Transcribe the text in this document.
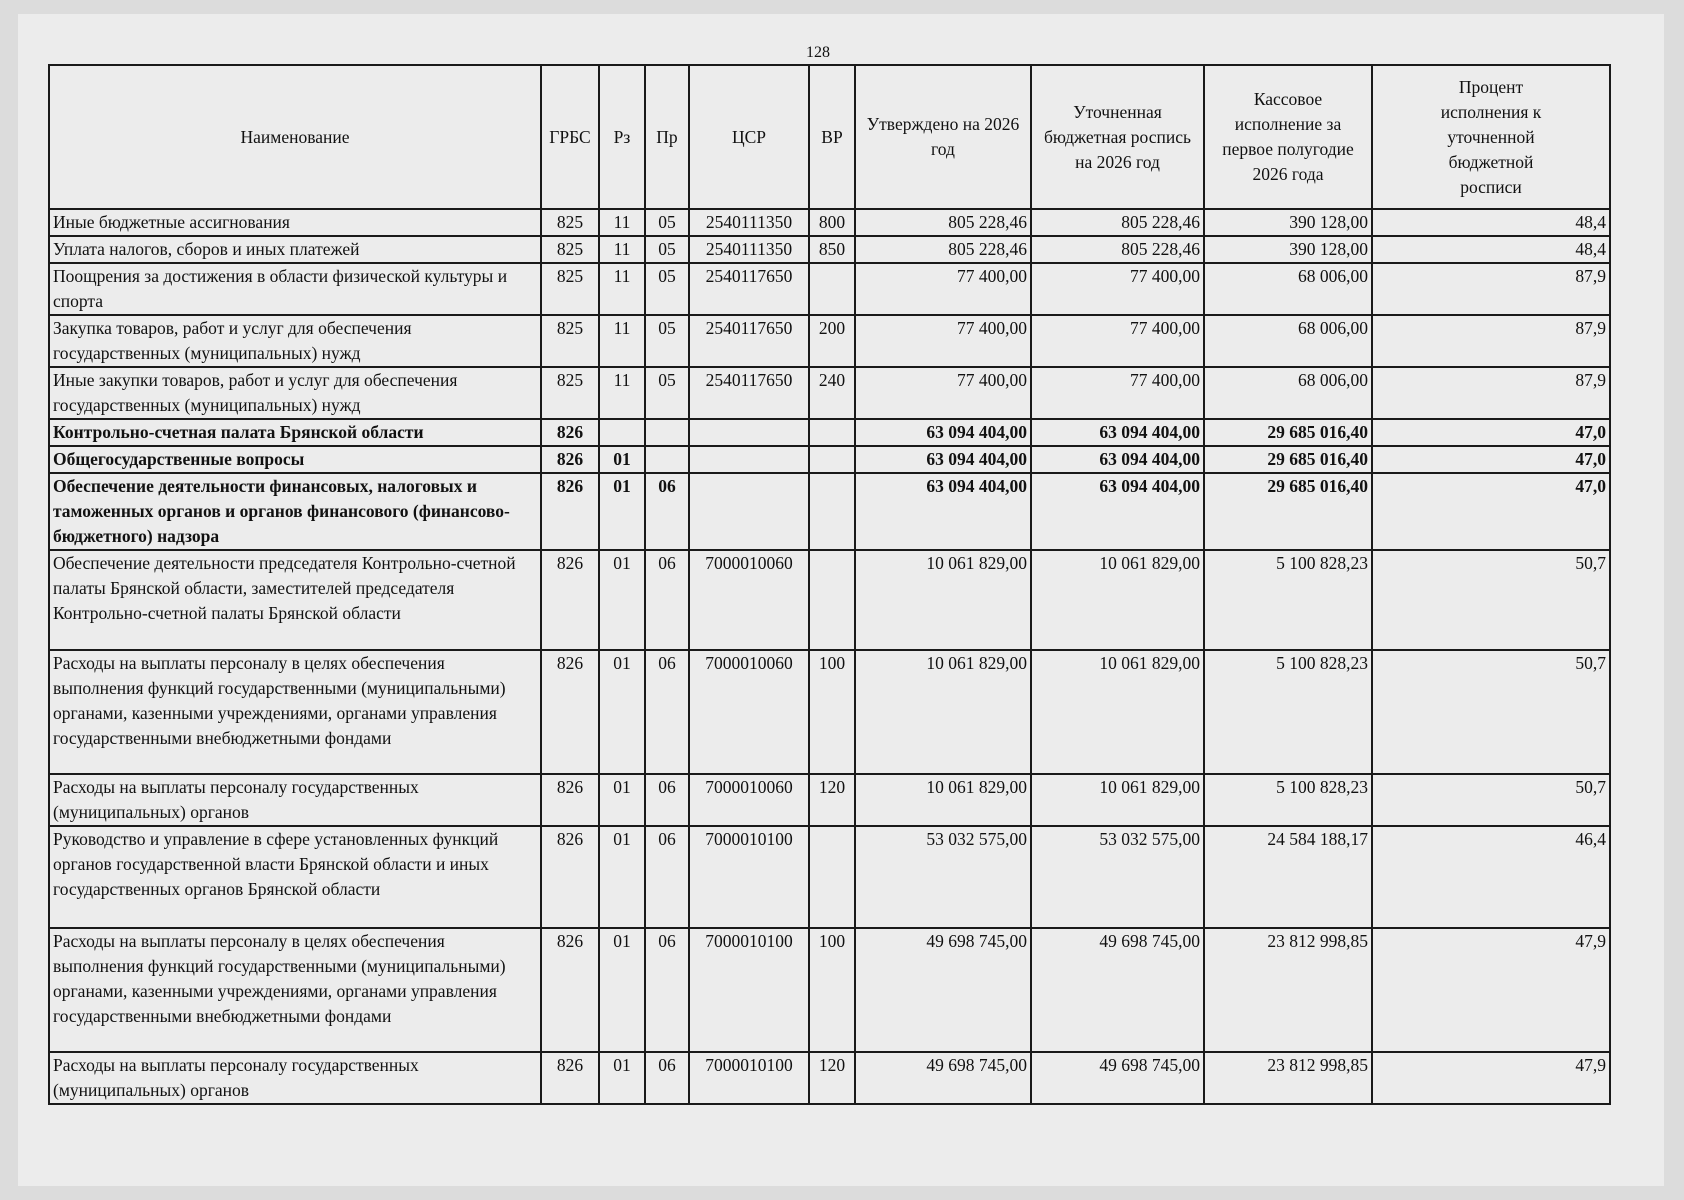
128
Наименование	ГРБС	Рз	Пр	ЦСР	ВР	Утверждено на 2026 год	Уточненная бюджетная роспись на 2026 год	Кассовое исполнение за первое полугодие 2026 года	Процент исполнения к уточненной бюджетной росписи
Иные бюджетные ассигнования	825	11	05	2540111350	800	805 228,46	805 228,46	390 128,00	48,4
Уплата налогов, сборов и иных платежей	825	11	05	2540111350	850	805 228,46	805 228,46	390 128,00	48,4
Поощрения за достижения в области физической культуры и спорта	825	11	05	2540117650		77 400,00	77 400,00	68 006,00	87,9
Закупка товаров, работ и услуг для обеспечения государственных (муниципальных) нужд	825	11	05	2540117650	200	77 400,00	77 400,00	68 006,00	87,9
Иные закупки товаров, работ и услуг для обеспечения государственных (муниципальных) нужд	825	11	05	2540117650	240	77 400,00	77 400,00	68 006,00	87,9
Контрольно-счетная палата Брянской области	826					63 094 404,00	63 094 404,00	29 685 016,40	47,0
Общегосударственные вопросы	826	01				63 094 404,00	63 094 404,00	29 685 016,40	47,0
Обеспечение деятельности финансовых, налоговых и таможенных органов и органов финансового (финансово-бюджетного) надзора	826	01	06			63 094 404,00	63 094 404,00	29 685 016,40	47,0
Обеспечение деятельности председателя Контрольно-счетной палаты Брянской области, заместителей председателя Контрольно-счетной палаты Брянской области	826	01	06	7000010060		10 061 829,00	10 061 829,00	5 100 828,23	50,7
Расходы на выплаты персоналу в целях обеспечения выполнения функций государственными (муниципальными) органами, казенными учреждениями, органами управления государственными внебюджетными фондами	826	01	06	7000010060	100	10 061 829,00	10 061 829,00	5 100 828,23	50,7
Расходы на выплаты персоналу государственных (муниципальных) органов	826	01	06	7000010060	120	10 061 829,00	10 061 829,00	5 100 828,23	50,7
Руководство и управление в сфере установленных функций органов государственной власти Брянской области и иных государственных органов Брянской области	826	01	06	7000010100		53 032 575,00	53 032 575,00	24 584 188,17	46,4
Расходы на выплаты персоналу в целях обеспечения выполнения функций государственными (муниципальными) органами, казенными учреждениями, органами управления государственными внебюджетными фондами	826	01	06	7000010100	100	49 698 745,00	49 698 745,00	23 812 998,85	47,9
Расходы на выплаты персоналу государственных (муниципальных) органов	826	01	06	7000010100	120	49 698 745,00	49 698 745,00	23 812 998,85	47,9
